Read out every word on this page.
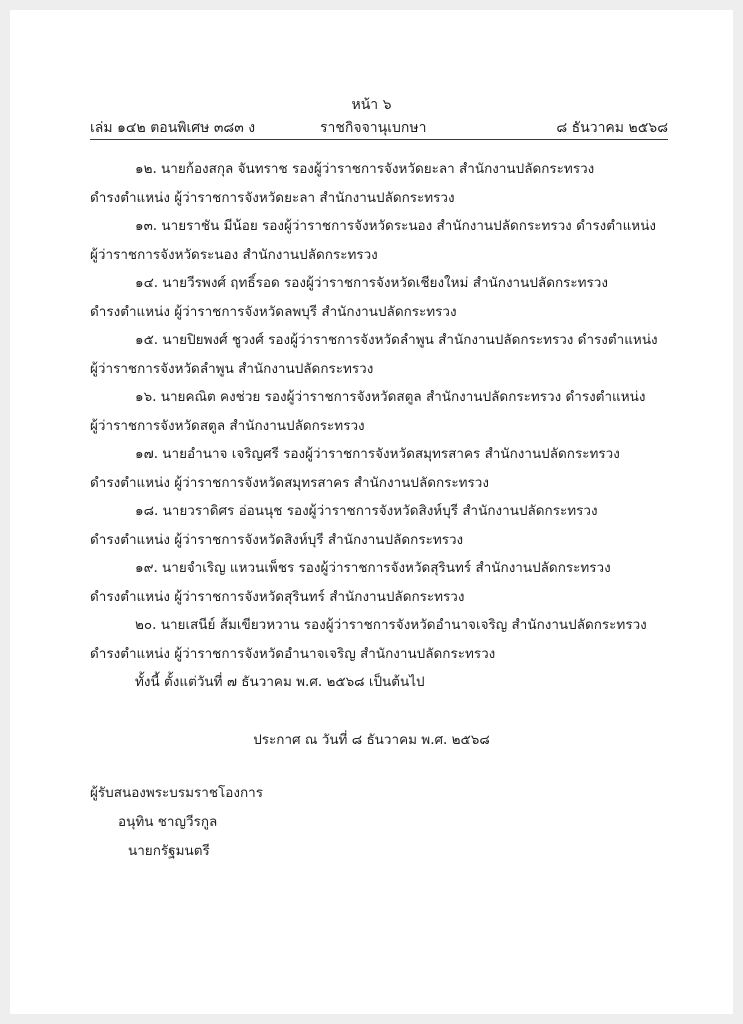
หน้า ๖
เล่ม ๑๔๒ ตอนพิเศษ ๓๘๓ ง	ราชกิจจานุเบกษา	๘ ธันวาคม ๒๕๖๘
๑๒. นายก้องสกุล จันทราช รองผู้ว่าราชการจังหวัดยะลา สำนักงานปลัดกระทรวง
ดำรงตำแหน่ง ผู้ว่าราชการจังหวัดยะลา สำนักงานปลัดกระทรวง
๑๓. นายราชัน มีน้อย รองผู้ว่าราชการจังหวัดระนอง สำนักงานปลัดกระทรวง ดำรงตำแหน่ง
ผู้ว่าราชการจังหวัดระนอง สำนักงานปลัดกระทรวง
๑๔. นายวีรพงศ์ ฤทธิ์รอด รองผู้ว่าราชการจังหวัดเชียงใหม่ สำนักงานปลัดกระทรวง
ดำรงตำแหน่ง ผู้ว่าราชการจังหวัดลพบุรี สำนักงานปลัดกระทรวง
๑๕. นายปิยพงศ์ ชูวงศ์ รองผู้ว่าราชการจังหวัดลำพูน สำนักงานปลัดกระทรวง ดำรงตำแหน่ง
ผู้ว่าราชการจังหวัดลำพูน สำนักงานปลัดกระทรวง
๑๖. นายคณิต คงช่วย รองผู้ว่าราชการจังหวัดสตูล สำนักงานปลัดกระทรวง ดำรงตำแหน่ง
ผู้ว่าราชการจังหวัดสตูล สำนักงานปลัดกระทรวง
๑๗. นายอำนาจ เจริญศรี รองผู้ว่าราชการจังหวัดสมุทรสาคร สำนักงานปลัดกระทรวง
ดำรงตำแหน่ง ผู้ว่าราชการจังหวัดสมุทรสาคร สำนักงานปลัดกระทรวง
๑๘. นายวราดิศร อ่อนนุช รองผู้ว่าราชการจังหวัดสิงห์บุรี สำนักงานปลัดกระทรวง
ดำรงตำแหน่ง ผู้ว่าราชการจังหวัดสิงห์บุรี สำนักงานปลัดกระทรวง
๑๙. นายจำเริญ แหวนเพ็ชร รองผู้ว่าราชการจังหวัดสุรินทร์ สำนักงานปลัดกระทรวง
ดำรงตำแหน่ง ผู้ว่าราชการจังหวัดสุรินทร์ สำนักงานปลัดกระทรวง
๒๐. นายเสนีย์ ส้มเขียวหวาน รองผู้ว่าราชการจังหวัดอำนาจเจริญ สำนักงานปลัดกระทรวง
ดำรงตำแหน่ง ผู้ว่าราชการจังหวัดอำนาจเจริญ สำนักงานปลัดกระทรวง
ทั้งนี้ ตั้งแต่วันที่ ๗ ธันวาคม พ.ศ. ๒๕๖๘ เป็นต้นไป
ประกาศ ณ วันที่ ๘ ธันวาคม พ.ศ. ๒๕๖๘
ผู้รับสนองพระบรมราชโองการ
อนุทิน ชาญวีรกูล
นายกรัฐมนตรี
